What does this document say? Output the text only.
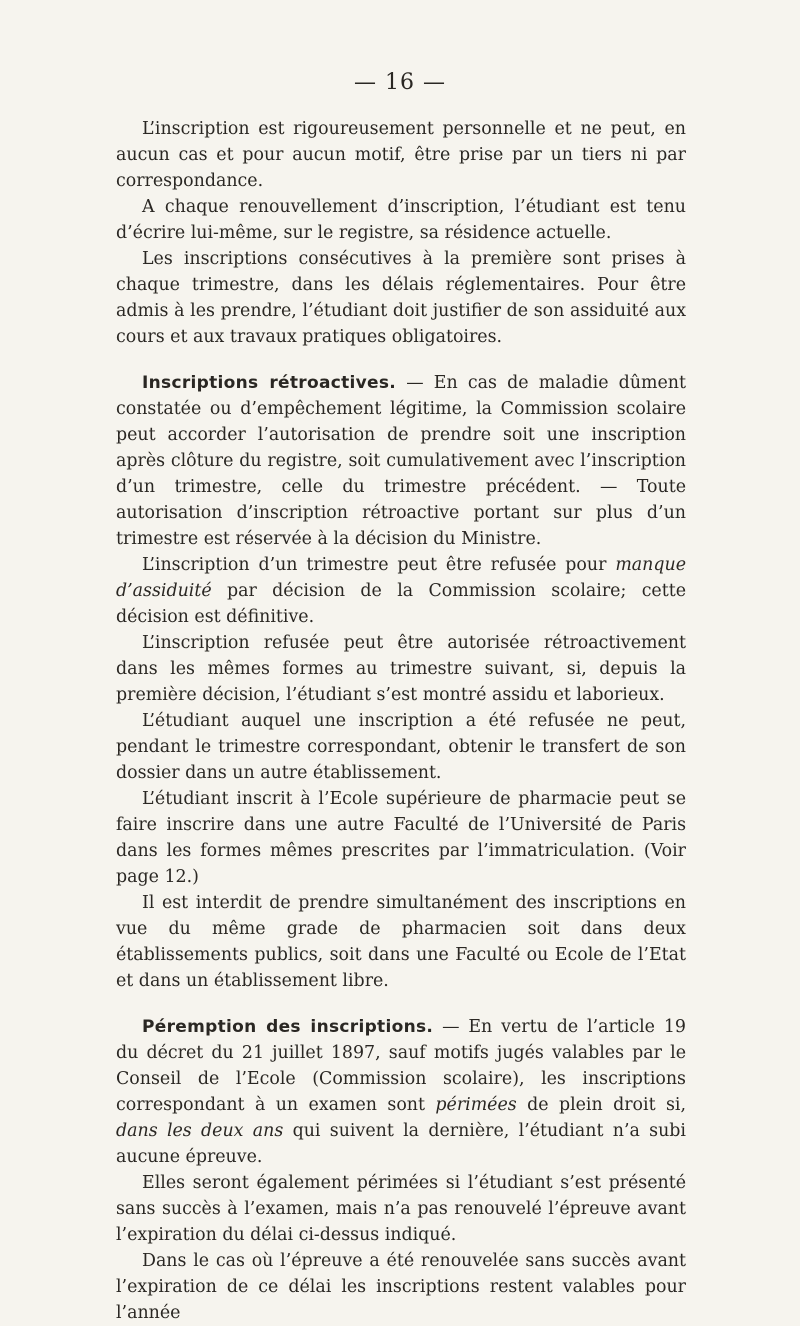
— 16 —

L’inscription est rigoureusement personnelle et ne peut, en aucun cas et pour aucun motif, être prise par un tiers ni par correspondance.

A chaque renouvellement d’inscription, l’étudiant est tenu d’écrire lui-même, sur le registre, sa résidence actuelle.

Les inscriptions consécutives à la première sont prises à chaque trimestre, dans les délais réglementaires. Pour être admis à les prendre, l’étudiant doit justifier de son assiduité aux cours et aux travaux pratiques obligatoires.

Inscriptions rétroactives. — En cas de maladie dûment constatée ou d’empêchement légitime, la Commission scolaire peut accorder l’autorisation de prendre soit une inscription après clôture du registre, soit cumulativement avec l’inscription d’un trimestre, celle du trimestre précédent. — Toute autorisation d’inscription rétroactive portant sur plus d’un trimestre est réservée à la décision du Ministre.

L’inscription d’un trimestre peut être refusée pour manque d’assiduité par décision de la Commission scolaire; cette décision est définitive.

L’inscription refusée peut être autorisée rétroactivement dans les mêmes formes au trimestre suivant, si, depuis la première décision, l’étudiant s’est montré assidu et laborieux.

L’étudiant auquel une inscription a été refusée ne peut, pendant le trimestre correspondant, obtenir le transfert de son dossier dans un autre établissement.

L’étudiant inscrit à l’Ecole supérieure de pharmacie peut se faire inscrire dans une autre Faculté de l’Université de Paris dans les formes mêmes prescrites par l’immatriculation. (Voir page 12.)

Il est interdit de prendre simultanément des inscriptions en vue du même grade de pharmacien soit dans deux établissements publics, soit dans une Faculté ou Ecole de l’Etat et dans un établissement libre.

Péremption des inscriptions. — En vertu de l’article 19 du décret du 21 juillet 1897, sauf motifs jugés valables par le Conseil de l’Ecole (Commission scolaire), les inscriptions correspondant à un examen sont périmées de plein droit si, dans les deux ans qui suivent la dernière, l’étudiant n’a subi aucune épreuve.

Elles seront également périmées si l’étudiant s’est présenté sans succès à l’examen, mais n’a pas renouvelé l’épreuve avant l’expiration du délai ci-dessus indiqué.

Dans le cas où l’épreuve a été renouvelée sans succès avant l’expiration de ce délai les inscriptions restent valables pour l’année
